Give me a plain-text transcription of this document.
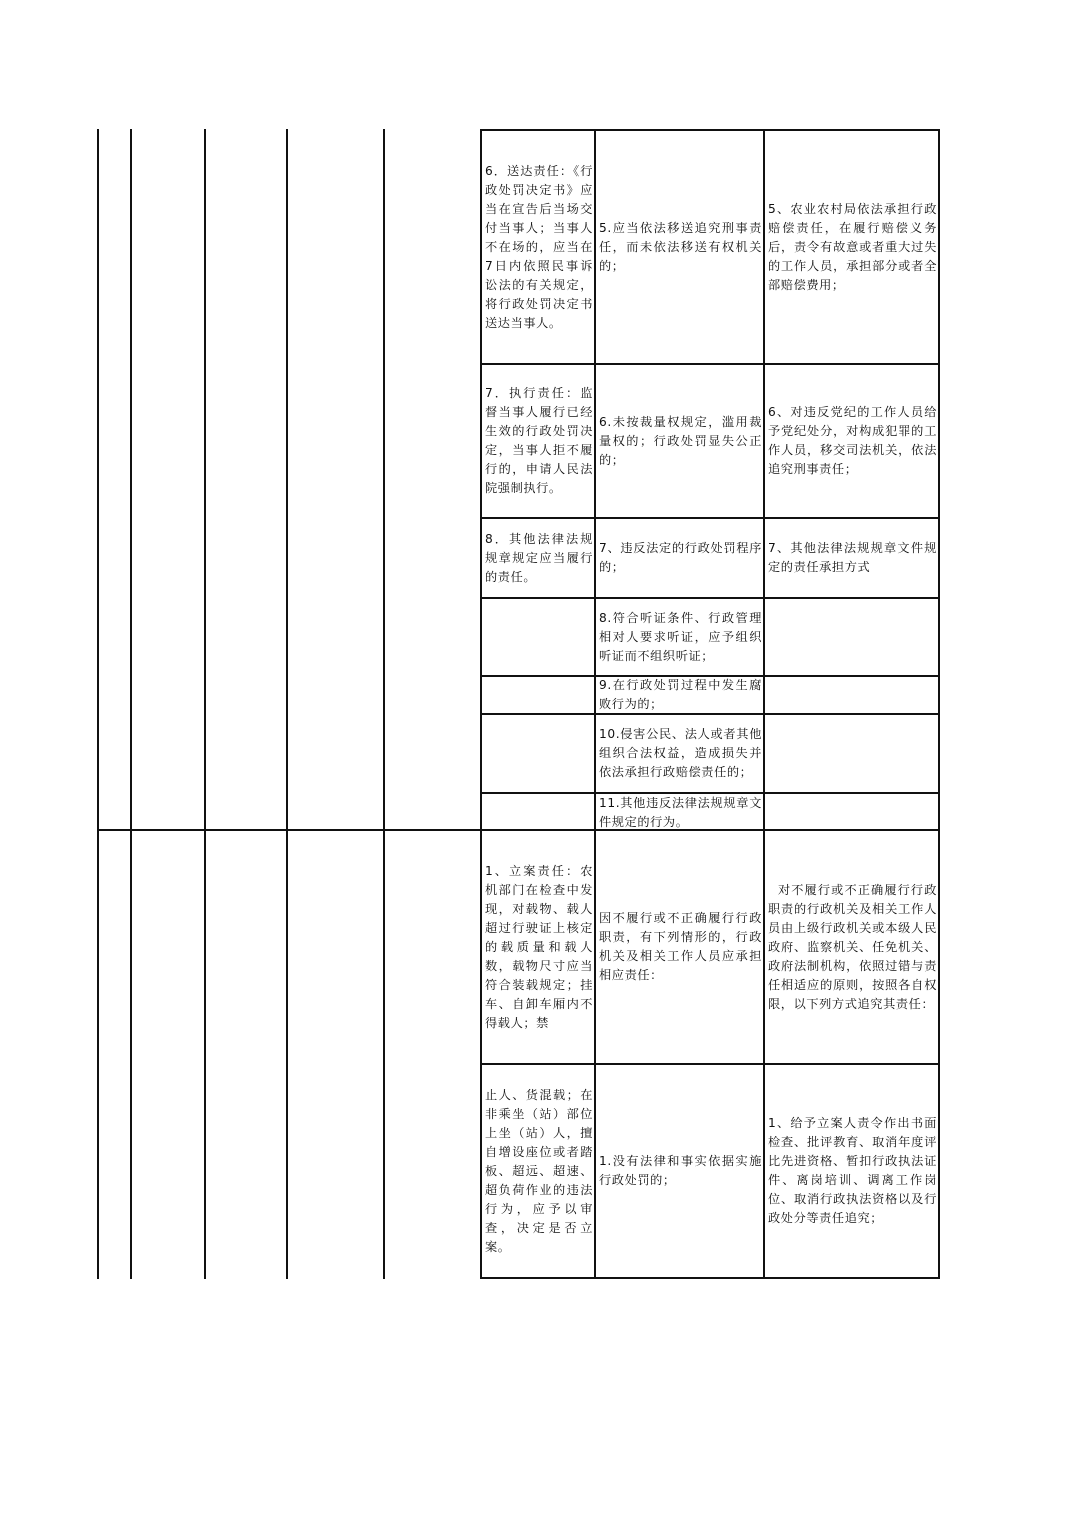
6．送达责任：《行政处罚决定书》应当在宣告后当场交付当事人；当事人不在场的，应当在7日内依照民事诉讼法的有关规定，将行政处罚决定书送达当事人。
5.应当依法移送追究刑事责任，而未依法移送有权机关的；
5、农业农村局依法承担行政赔偿责任，在履行赔偿义务后，责令有故意或者重大过失的工作人员，承担部分或者全部赔偿费用；
7．执行责任：监督当事人履行已经生效的行政处罚决定，当事人拒不履行的，申请人民法院强制执行。
6.未按裁量权规定，滥用裁量权的；行政处罚显失公正的；
6、对违反党纪的工作人员给予党纪处分，对构成犯罪的工作人员，移交司法机关，依法追究刑事责任；
8．其他法律法规规章规定应当履行的责任。
7、违反法定的行政处罚程序的；
7、其他法律法规规章文件规定的责任承担方式
8.符合听证条件、行政管理相对人要求听证，应予组织听证而不组织听证；
9.在行政处罚过程中发生腐败行为的；
10.侵害公民、法人或者其他组织合法权益，造成损失并依法承担行政赔偿责任的；
11.其他违反法律法规规章文件规定的行为。
1、立案责任：农机部门在检查中发现，对载物、载人超过行驶证上核定的载质量和载人数，载物尺寸应当符合装载规定；挂车、自卸车厢内不得载人；禁
因不履行或不正确履行行政职责，有下列情形的，行政机关及相关工作人员应承担相应责任：
对不履行或不正确履行行政职责的行政机关及相关工作人员由上级行政机关或本级人民政府、监察机关、任免机关、政府法制机构，依照过错与责任相适应的原则，按照各自权限，以下列方式追究其责任：
止人、货混载；在非乘坐（站）部位上坐（站）人，擅自增设座位或者踏板、超远、超速、超负荷作业的违法行为，应予以审查，决定是否立案。
1.没有法律和事实依据实施行政处罚的；
1、给予立案人责令作出书面检查、批评教育、取消年度评比先进资格、暂扣行政执法证件、离岗培训、调离工作岗位、取消行政执法资格以及行政处分等责任追究；
